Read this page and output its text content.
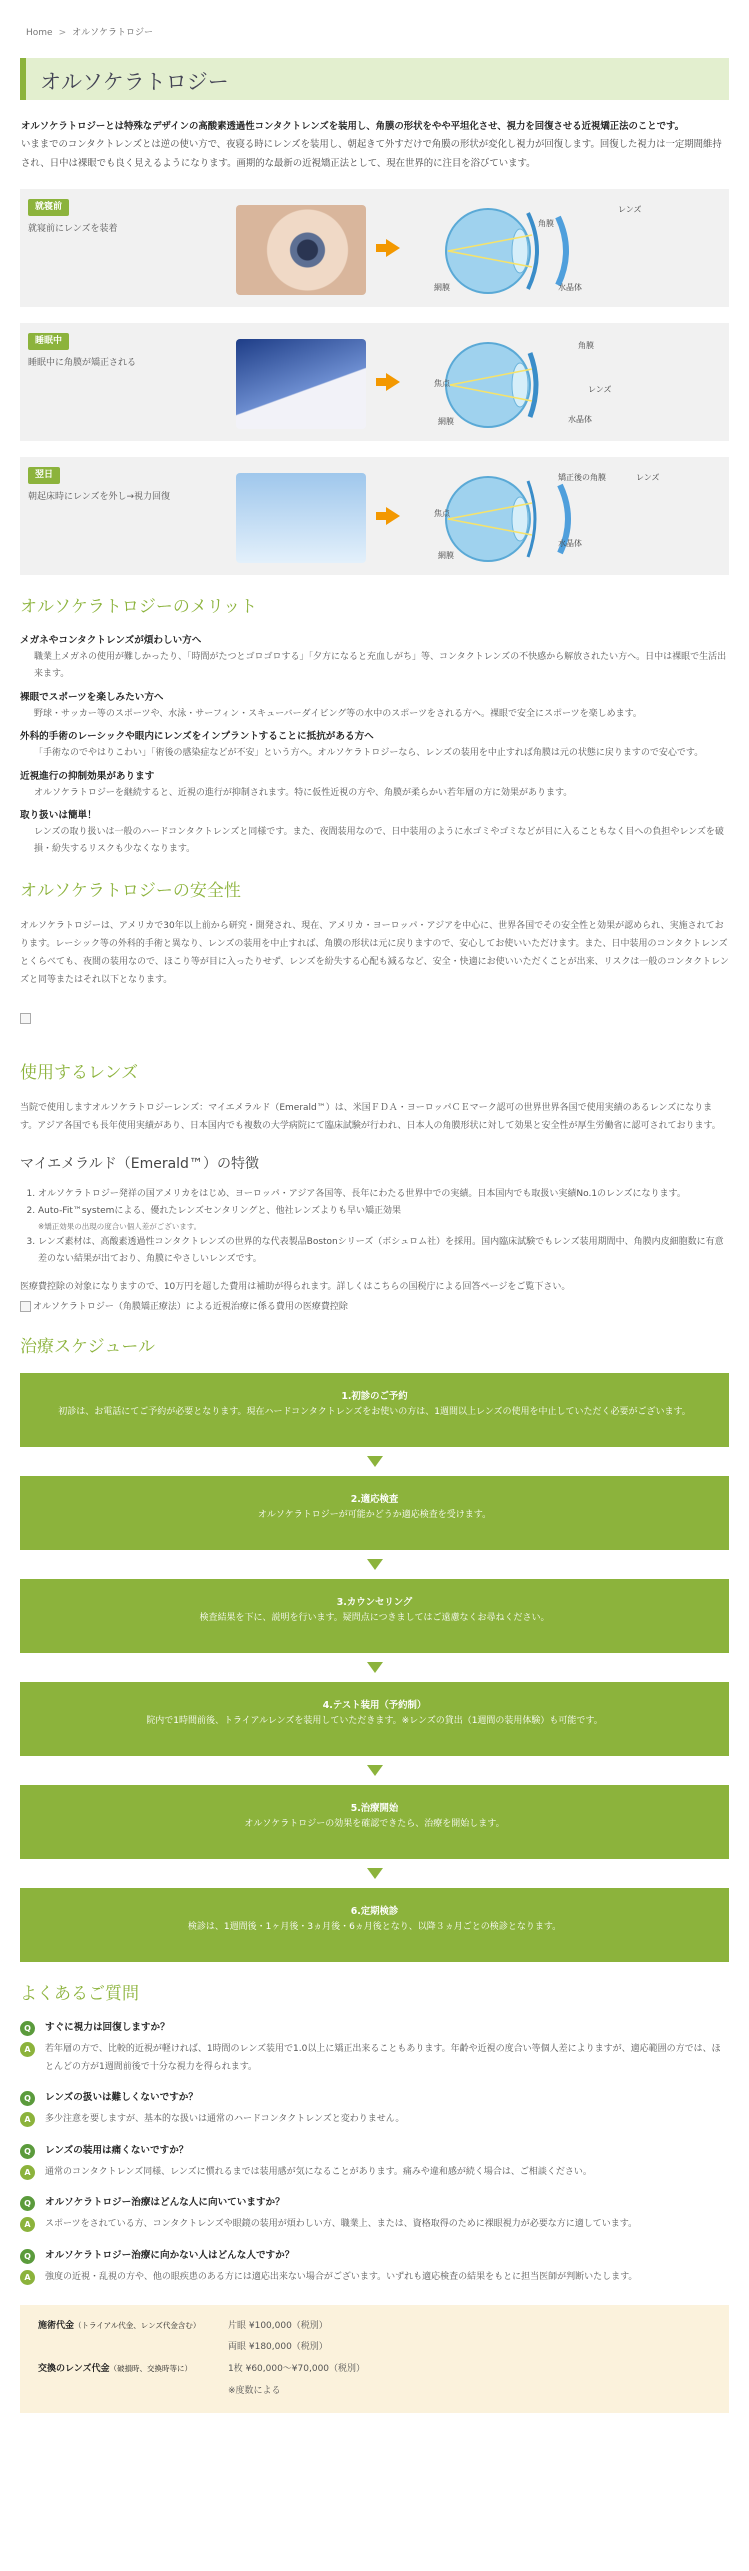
Home > オルソケラトロジー
オルソケラトロジー
オルソケラトロジーとは特殊なデザインの高酸素透過性コンタクトレンズを装用し、角膜の形状をやや平坦化させ、視力を回復させる近視矯正法のことです。
いままでのコンタクトレンズとは逆の使い方で、夜寝る時にレンズを装用し、朝起きて外すだけで角膜の形状が変化し視力が回復します。回復した視力は一定期間維持され、日中は裸眼でも良く見えるようになります。画期的な最新の近視矯正法として、現在世界的に注目を浴びています。
就寝前
就寝前にレンズを装着
角膜
レンズ
網膜	水晶体
睡眠中
睡眠中に角膜が矯正される
角膜
焦点
レンズ
網膜	水晶体
翌日
朝起床時にレンズを外し→視力回復
矯正後の角膜	レンズ
焦点
網膜
水晶体
オルソケラトロジーのメリット
メガネやコンタクトレンズが煩わしい方へ
職業上メガネの使用が難しかったり、「時間がたつとゴロゴロする」「夕方になると充血しがち」等、コンタクトレンズの不快感から解放されたい方へ。日中は裸眼で生活出来ます。
裸眼でスポーツを楽しみたい方へ
野球・サッカー等のスポーツや、水泳・サーフィン・スキューバーダイビング等の水中のスポーツをされる方へ。裸眼で安全にスポーツを楽しめます。
外科的手術のレーシックや眼内にレンズをインプラントすることに抵抗がある方へ
「手術なのでやはりこわい」「術後の感染症などが不安」という方へ。オルソケラトロジーなら、レンズの装用を中止すれば角膜は元の状態に戻りますので安心です。
近視進行の抑制効果があります
オルソケラトロジーを継続すると、近視の進行が抑制されます。特に仮性近視の方や、角膜が柔らかい若年層の方に効果があります。
取り扱いは簡単！
レンズの取り扱いは一般のハードコンタクトレンズと同様です。また、夜間装用なので、日中装用のように水ゴミやゴミなどが目に入ることもなく目への負担やレンズを破損・紛失するリスクも少なくなります。
オルソケラトロジーの安全性

オルソケラトロジーは、アメリカで30年以上前から研究・開発され、現在、アメリカ・ヨーロッパ・アジアを中心に、世界各国でその安全性と効果が認められ、実施されております。レーシック等の外科的手術と異なり、レンズの装用を中止すれば、角膜の形状は元に戻りますので、安心してお使いいただけます。また、日中装用のコンタクトレンズとくらべても、夜間の装用なので、ほこり等が目に入ったりせず、レンズを紛失する心配も減るなど、安全・快適にお使いいただくことが出来、リスクは一般のコンタクトレンズと同等またはそれ以下となります。

使用するレンズ

当院で使用しますオルソケラトロジーレンズ：マイエメラルド（Emerald™）は、米国ＦＤＡ・ヨーロッパＣＥマーク認可の世界世界各国で使用実績のあるレンズになります。アジア各国でも長年使用実績があり、日本国内でも複数の大学病院にて臨床試験が行われ、日本人の角膜形状に対して効果と安全性が厚生労働省に認可されております。

マイエメラルド（Emerald™）の特徴
1. オルソケラトロジー発祥の国アメリカをはじめ、ヨーロッパ・アジア各国等、長年にわたる世界中での実績。日本国内でも取扱い実績No.1のレンズになります。
2. Auto-Fit™systemによる、優れたレンズセンタリングと、他社レンズよりも早い矯正効果
※矯正効果の出現の度合い個人差がございます。
3. レンズ素材は、高酸素透過性コンタクトレンズの世界的な代表製品Bostonシリーズ（ボシュロム社）を採用。国内臨床試験でもレンズ装用期間中、角膜内皮細胞数に有意差のない結果が出ており、角膜にやさしいレンズです。

医療費控除の対象になりますので、10万円を超した費用は補助が得られます。詳しくはこちらの国税庁による回答ページをご覧下さい。

オルソケラトロジー（角膜矯正療法）による近視治療に係る費用の医療費控除
治療スケジュール
1.初診のご予約
初診は、お電話にてご予約が必要となります。現在ハードコンタクトレンズをお使いの方は、1週間以上レンズの使用を中止していただく必要がございます。
2.適応検査
オルソケラトロジーが可能かどうか適応検査を受けます。
3.カウンセリング
検査結果を下に、説明を行います。疑問点につきましてはご遠慮なくお尋ねください。
4.テスト装用（予約制）
院内で1時間前後、トライアルレンズを装用していただきます。※レンズの貸出（1週間の装用体験）も可能です。
5.治療開始
オルソケラトロジーの効果を確認できたら、治療を開始します。
6.定期検診
検診は、1週間後・1ヶ月後・3ヵ月後・6ヵ月後となり、以降３ヵ月ごとの検診となります。
よくあるご質問
Q	すぐに視力は回復しますか？
A	若年層の方で、比較的近視が軽ければ、1時間のレンズ装用で1.0以上に矯正出来ることもあります。年齢や近視の度合い等個人差によりますが、適応範囲の方では、ほとんどの方が1週間前後で十分な視力を得られます。
Q	レンズの扱いは難しくないですか？
A	多少注意を要しますが、基本的な扱いは通常のハードコンタクトレンズと変わりません。
Q	レンズの装用は痛くないですか？
A	通常のコンタクトレンズ同様、レンズに慣れるまでは装用感が気になることがあります。痛みや違和感が続く場合は、ご相談ください。
Q	オルソケラトロジー治療はどんな人に向いていますか？
A	スポーツをされている方、コンタクトレンズや眼鏡の装用が煩わしい方、職業上、または、資格取得のために裸眼視力が必要な方に適しています。
Q	オルソケラトロジー治療に向かない人はどんな人ですか？
A	強度の近視・乱視の方や、他の眼疾患のある方には適応出来ない場合がございます。いずれも適応検査の結果をもとに担当医師が判断いたします。
施術代金（トライアル代金、レンズ代金含む）	片眼 ¥100,000（税別）
両眼 ¥180,000（税別）
交換のレンズ代金（破損時、交換時等に）	1枚 ¥60,000〜¥70,000（税別）
※度数による
